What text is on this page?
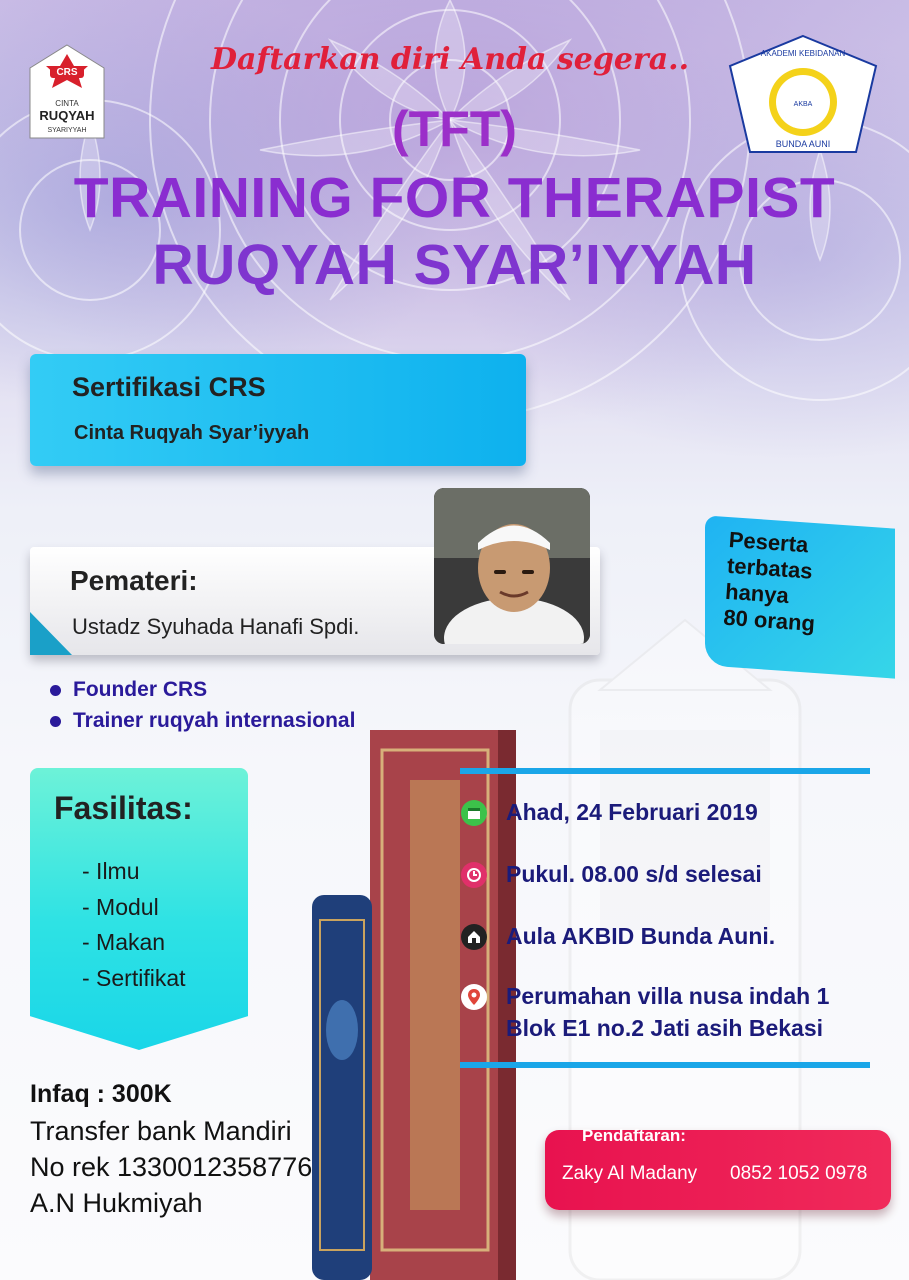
CRS
CINTA
RUQYAH
SYARIYYAH
AKBA
AKADEMI KEBIDANAN
BUNDA AUNI
Daftarkan diri Anda segera..
(TFT)
TRAINING FOR THERAPIST
RUQYAH SYAR’IYYAH
Sertifikasi CRS
Cinta Ruqyah Syar’iyyah
Pemateri:
Ustadz Syuhada Hanafi Spdi.
Founder CRS
Trainer ruqyah internasional
Peserta
terbatas
hanya
80 orang
Fasilitas:
- Ilmu
- Modul
- Makan
- Sertifikat
Ahad, 24 Februari 2019
Pukul. 08.00 s/d selesai
Aula AKBID Bunda Auni.
Perumahan villa nusa indah 1
Blok E1 no.2 Jati asih Bekasi
Infaq : 300K
Transfer bank Mandiri
No rek 1330012358776
A.N Hukmiyah
Pendaftaran:
Zaky Al Madany 0852 1052 0978
